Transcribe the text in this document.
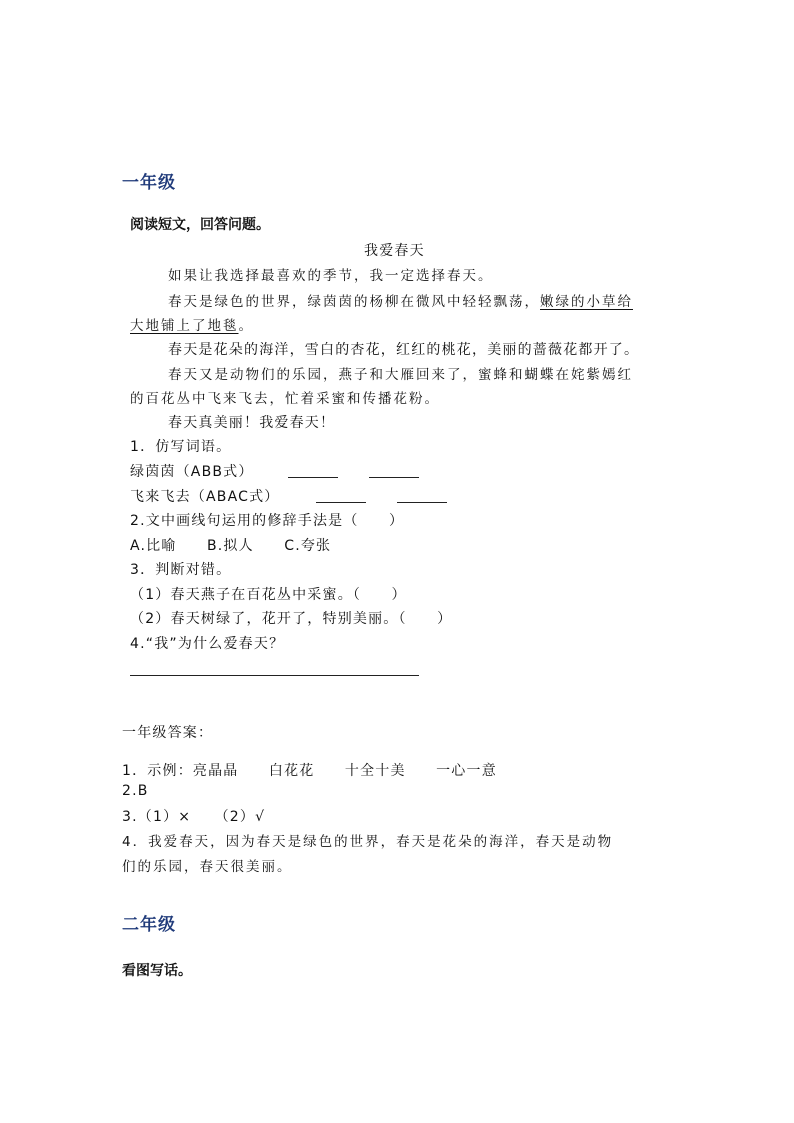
一年级
阅读短文，回答问题。
我爱春天
如果让我选择最喜欢的季节，我一定选择春天。
春天是绿色的世界，绿茵茵的杨柳在微风中轻轻飘荡，嫩绿的小草给
大地铺上了地毯。
春天是花朵的海洋，雪白的杏花，红红的桃花，美丽的蔷薇花都开了。
春天又是动物们的乐园，燕子和大雁回来了，蜜蜂和蝴蝶在姹紫嫣红
的百花丛中飞来飞去，忙着采蜜和传播花粉。
春天真美丽！我爱春天！
1．仿写词语。
绿茵茵（ABB式）
飞来飞去（ABAC式）
2.文中画线句运用的修辞手法是（　　）
A.比喻　　B.拟人　　C.夸张
3．判断对错。
（1）春天燕子在百花丛中采蜜。（　　）
（2）春天树绿了，花开了，特别美丽。（　　）
4.“我”为什么爱春天？
一年级答案：
1．示例：亮晶晶　　白花花　　十全十美　　一心一意
2.B
3.（1）×　　（2）√
4．我爱春天，因为春天是绿色的世界，春天是花朵的海洋，春天是动物
们的乐园，春天很美丽。
二年级
看图写话。
